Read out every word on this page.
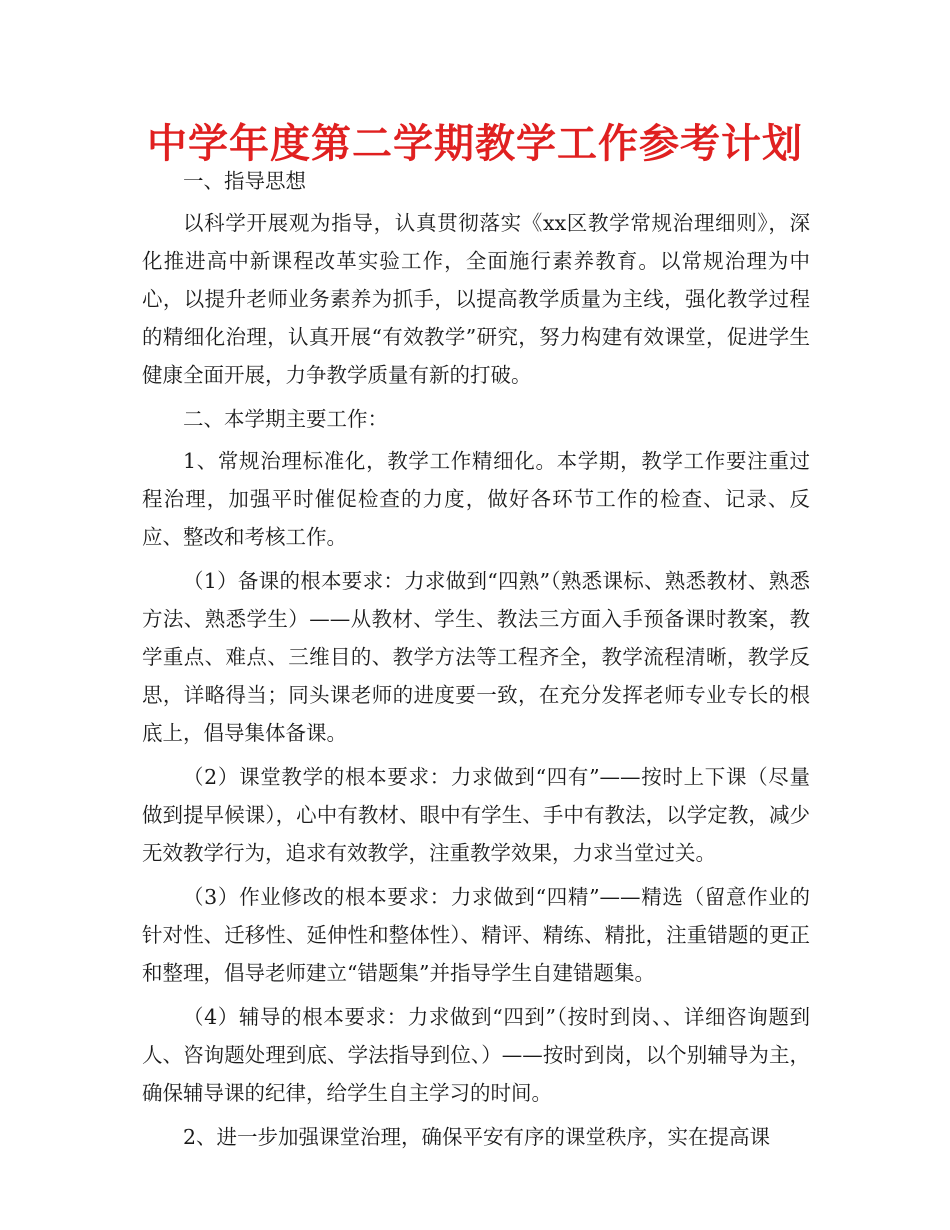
中学年度第二学期教学工作参考计划

一、指导思想

以科学开展观为指导，认真贯彻落实《xx区教学常规治理细则》，深化推进高中新课程改革实验工作，全面施行素养教育。以常规治理为中心，以提升老师业务素养为抓手，以提高教学质量为主线，强化教学过程的精细化治理，认真开展“有效教学”研究，努力构建有效课堂，促进学生健康全面开展，力争教学质量有新的打破。

二、本学期主要工作：

1、常规治理标准化，教学工作精细化。本学期，教学工作要注重过程治理，加强平时催促检查的力度，做好各环节工作的检查、记录、反应、整改和考核工作。

（1）备课的根本要求：力求做到“四熟”（熟悉课标、熟悉教材、熟悉方法、熟悉学生）——从教材、学生、教法三方面入手预备课时教案，教学重点、难点、三维目的、教学方法等工程齐全，教学流程清晰，教学反思，详略得当；同头课老师的进度要一致，在充分发挥老师专业专长的根底上，倡导集体备课。

（2）课堂教学的根本要求：力求做到“四有”——按时上下课（尽量做到提早候课），心中有教材、眼中有学生、手中有教法，以学定教，减少无效教学行为，追求有效教学，注重教学效果，力求当堂过关。

（3）作业修改的根本要求：力求做到“四精”——精选（留意作业的针对性、迁移性、延伸性和整体性）、精评、精练、精批，注重错题的更正和整理，倡导老师建立“错题集”并指导学生自建错题集。

（4）辅导的根本要求：力求做到“四到”（按时到岗、、详细咨询题到人、咨询题处理到底、学法指导到位、）——按时到岗，以个别辅导为主，确保辅导课的纪律，给学生自主学习的时间。

2、进一步加强课堂治理，确保平安有序的课堂秩序，实在提高课
